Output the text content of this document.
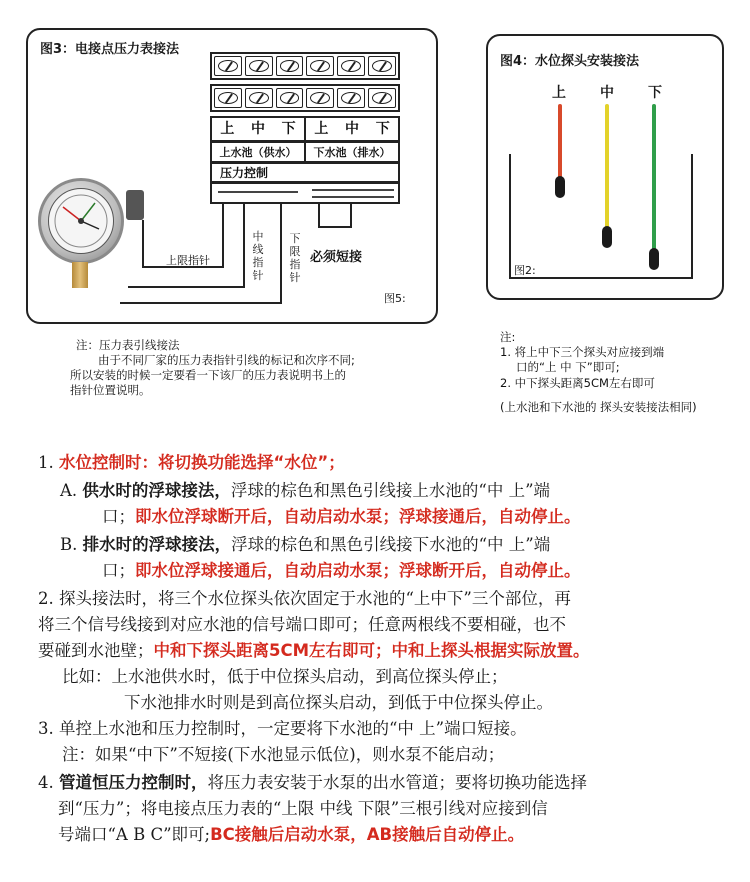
图3：电接点压力表接法
上	中	下	上	中	下
上水池（供水）	下水池（排水）
压力控制
上限指针
中
线
指
针
下
限
指
针
必须短接
图5:
图4：水位探头安装接法
上 中 下
图2:
注：压力表引线接法
由于不同厂家的压力表指针引线的标记和次序不同;
所以安装的时候一定要看一下该厂的压力表说明书上的
指针位置说明。
注:
1. 将上中下三个探头对应接到端
口的“上 中 下”即可;
2. 中下探头距离5CM左右即可
(上水池和下水池的 探头安装接法相同)
1. 水位控制时：将切换功能选择“水位”；
A. 供水时的浮球接法，浮球的棕色和黑色引线接上水池的“中 上”端
口；即水位浮球断开后，自动启动水泵；浮球接通后，自动停止。
B. 排水时的浮球接法，浮球的棕色和黑色引线接下水池的“中 上”端
口；即水位浮球接通后，自动启动水泵；浮球断开后，自动停止。
2. 探头接法时，将三个水位探头依次固定于水池的“上中下”三个部位，再
将三个信号线接到对应水池的信号端口即可；任意两根线不要相碰，也不
要碰到水池壁；中和下探头距离5CM左右即可；中和上探头根据实际放置。
比如：上水池供水时，低于中位探头启动，到高位探头停止；
下水池排水时则是到高位探头启动，到低于中位探头停止。
3. 单控上水池和压力控制时，一定要将下水池的“中 上”端口短接。
注：如果“中下”不短接(下水池显示低位)，则水泵不能启动；
4. 管道恒压力控制时，将压力表安装于水泵的出水管道；要将切换功能选择
到“压力”；将电接点压力表的“上限 中线 下限”三根引线对应接到信
号端口“A B C”即可;BC接触后启动水泵，AB接触后自动停止。
